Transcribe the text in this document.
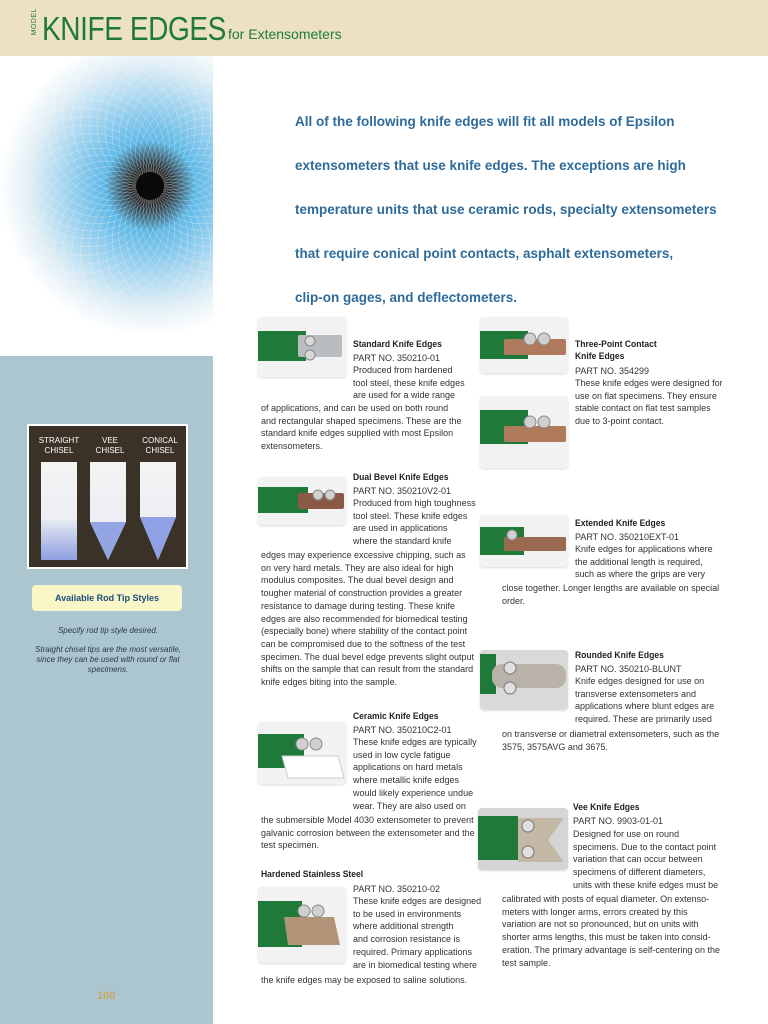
MODEL KNIFE EDGES for Extensometers
STRAIGHT
CHISEL
VEE
CHISEL
CONICAL
CHISEL
Available Rod Tip Styles
Specify rod tip style desired.
Straight chisel tips are the most versatile, since they can be used with round or flat specimens.
100
All of the following knife edges will fit all models of Epsilon
extensometers that use knife edges. The exceptions are high
temperature units that use ceramic rods, specialty extensometers
that require conical point contacts, asphalt extensometers,
clip-on gages, and deflectometers.
Standard Knife Edges
PART NO. 350210-01
Produced from hardened
tool steel, these knife edges
are used for a wide range
of applications, and can be used on both round
and rectangular shaped specimens. These are the
standard knife edges supplied with most Epsilon
extensometers.
Dual Bevel Knife Edges
PART NO. 350210V2-01
Produced from high toughness
tool steel. These knife edges
are used in applications
where the standard knife
edges may experience excessive chipping, such as
on very hard metals. They are also ideal for high
modulus composites. The dual bevel design and
tougher material of construction provides a greater
resistance to damage during testing. These knife
edges are also recommended for biomedical testing
(especially bone) where stability of the contact point
can be compromised due to the softness of the test
specimen. The dual bevel edge prevents slight output
shifts on the sample that can result from the standard
knife edges biting into the sample.
Ceramic Knife Edges
PART NO. 350210C2-01
These knife edges are typically
used in low cycle fatigue
applications on hard metals
where metallic knife edges
would likely experience undue
wear. They are also used on
the submersible Model 4030 extensometer to prevent
galvanic corrosion between the extensometer and the
test specimen.
Hardened Stainless Steel
PART NO. 350210-02
These knife edges are designed
to be used in environments
where additional strength
and corrosion resistance is
required. Primary applications
are in biomedical testing where
the knife edges may be exposed to saline solutions.
Three-Point Contact
Knife Edges
PART NO. 354299
These knife edges were designed for
use on flat specimens. They ensure
stable contact on flat test samples
due to 3-point contact.
Extended Knife Edges
PART NO. 350210EXT-01
Knife edges for applications where
the additional length is required,
such as where the grips are very
close together. Longer lengths are available on special
order.
Rounded Knife Edges
PART NO. 350210-BLUNT
Knife edges designed for use on
transverse extensometers and
applications where blunt edges are
required. These are primarily used
on transverse or diametral extensometers, such as the
3575, 3575AVG and 3675.
Vee Knife Edges
PART NO. 9903-01-01
Designed for use on round
specimens. Due to the contact point
variation that can occur between
specimens of different diameters,
units with these knife edges must be
calibrated with posts of equal diameter. On extenso-
meters with longer arms, errors created by this
variation are not so pronounced, but on units with
shorter arms lengths, this must be taken into consid-
eration. The primary advantage is self-centering on the
test sample.
